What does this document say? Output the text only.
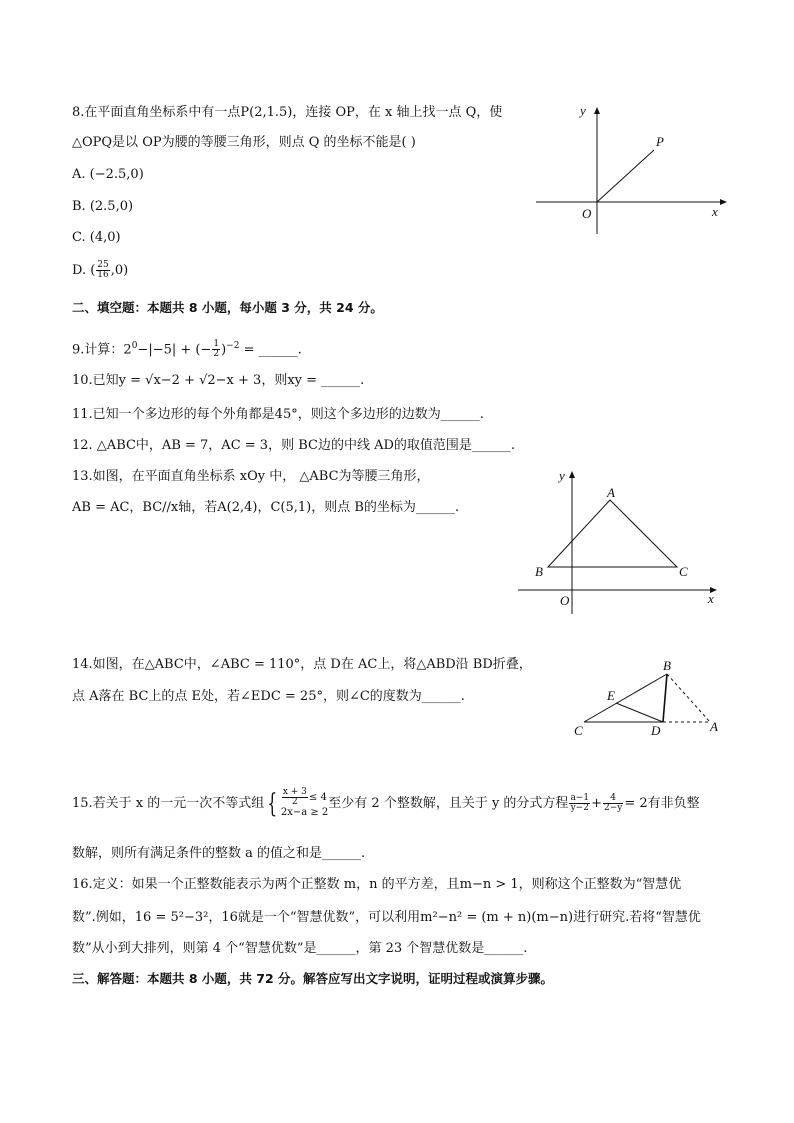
8.在平面直角坐标系中有一点P(2,1.5)，连接 OP，在 x 轴上找一点 Q，使
△OPQ是以 OP为腰的等腰三角形，则点 Q 的坐标不能是( )
A. (−2.5,0)
B. (2.5,0)
C. (4,0)
D. ( $\frac{25}{16} ,0$)
y
x
O
P
二、填空题：本题共 8 小题，每小题 3 分，共 24 分。
9.计算：$2^0-|-5|$ + (− $\frac{1}{2} )^{-2}$ = ______.
10.已知y = √x−2 + √2−x + 3，则xy = ______.
11.已知一个多边形的每个外角都是45°，则这个多边形的边数为______.
12. △ABC中，AB = 7，AC = 3，则 BC边的中线 AD的取值范围是______.
13.如图，在平面直角坐标系 xOy 中， △ABC为等腰三角形，
AB = AC，BC//x轴，若A(2,4)，C(5,1)，则点 B的坐标为______.
y
x
O
A
B	C
14.如图，在△ABC中，∠ABC = 110°，点 D在 AC上，将△ABD沿 BD折叠，
点 A落在 BC上的点 E处，若∠EDC = 25°，则∠C的度数为______.
B
E
C	D	A
15.若关于 x 的一元一次不等式组 { $\frac{x + 3}{2} \le 4$
2x−a ≥ 2
至少有 2 个整数解，且关于 y 的分式方程 $\frac{a-1}{y-2} + \frac{4}{2-y} = 2$有非负整
数解，则所有满足条件的整数 a 的值之和是______.
16.定义：如果一个正整数能表示为两个正整数 m，n 的平方差，且m−n > 1，则称这个正整数为“智慧优
数”.例如，16 = 5²−3²，16就是一个“智慧优数”，可以利用m²−n² = (m + n)(m−n)进行研究.若将“智慧优
数”从小到大排列，则第 4 个“智慧优数”是______，第 23 个智慧优数是______.
三、解答题：本题共 8 小题，共 72 分。解答应写出文字说明，证明过程或演算步骤。
